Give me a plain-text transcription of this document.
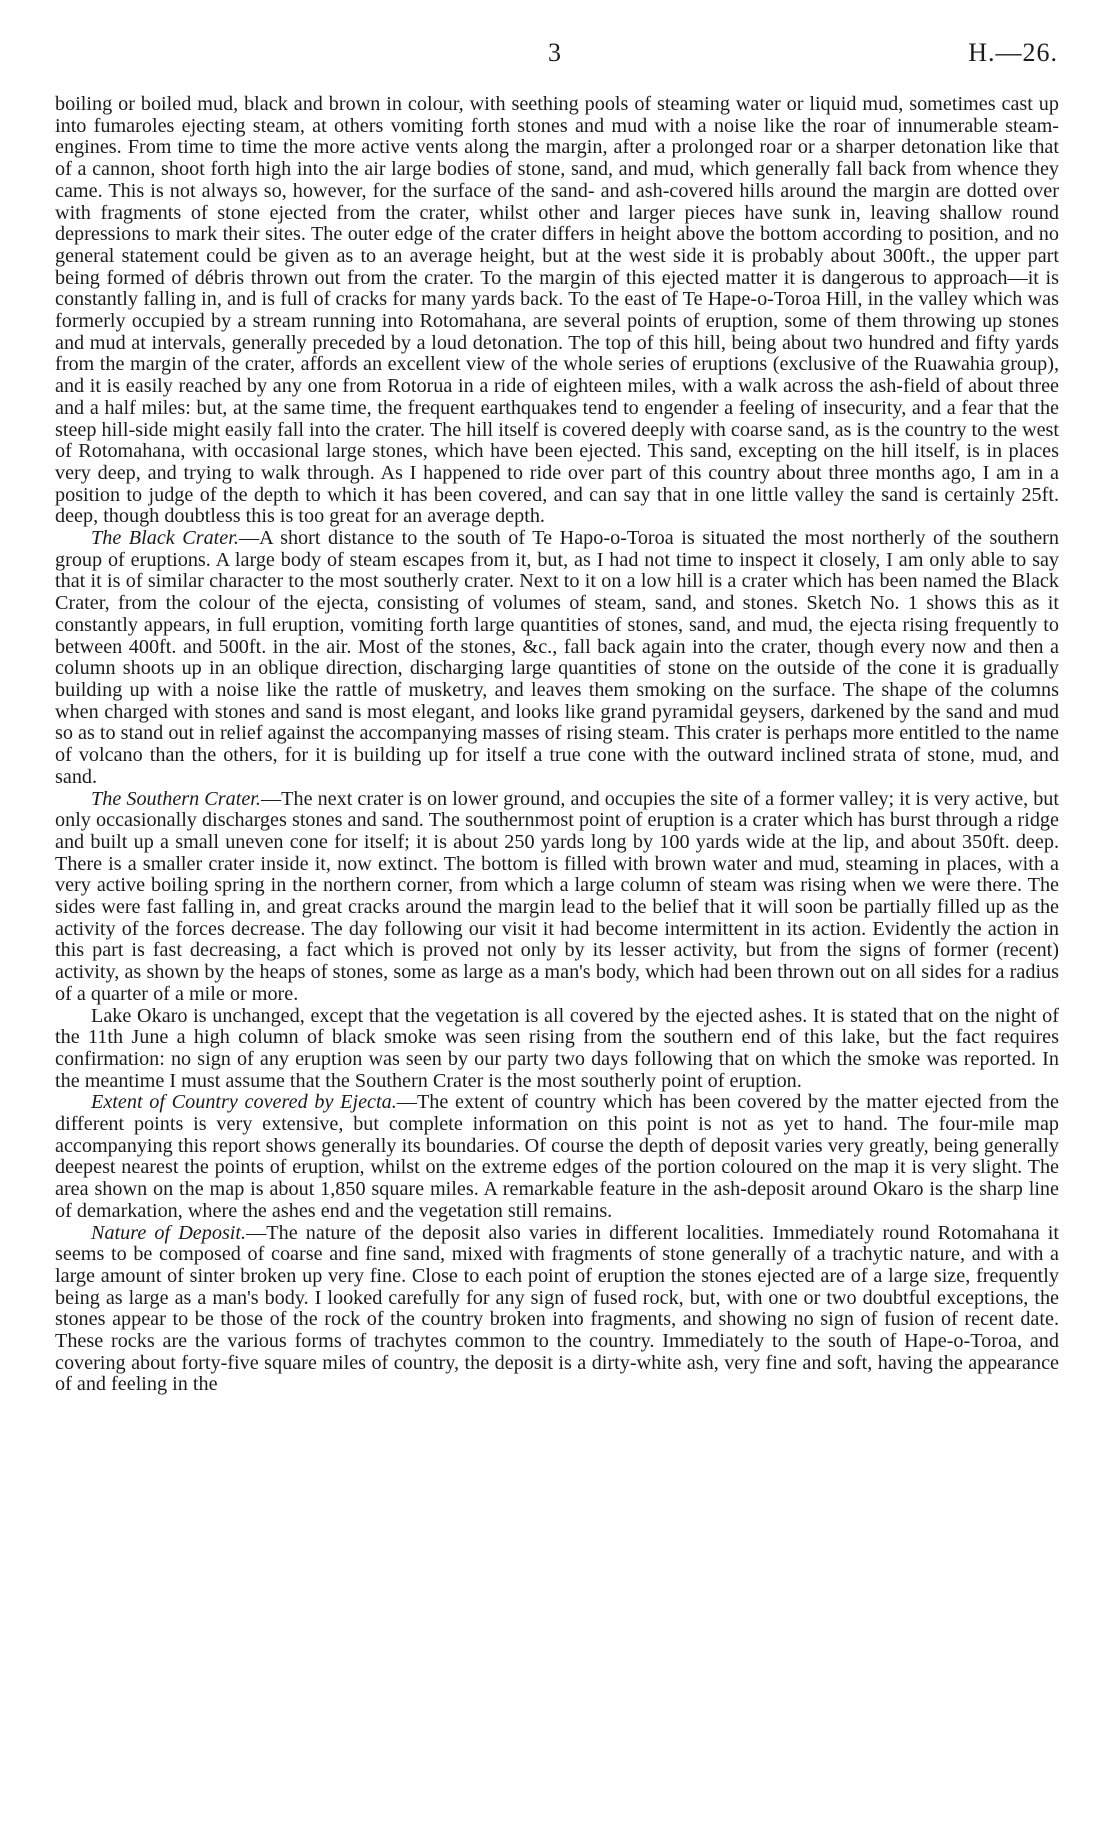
3	H.—26.

boiling or boiled mud, black and brown in colour, with seething pools of steaming water or liquid mud, sometimes cast up into fumaroles ejecting steam, at others vomiting forth stones and mud with a noise like the roar of innumerable steam-engines. From time to time the more active vents along the margin, after a prolonged roar or a sharper detonation like that of a cannon, shoot forth high into the air large bodies of stone, sand, and mud, which generally fall back from whence they came. This is not always so, however, for the surface of the sand- and ash-covered hills around the margin are dotted over with fragments of stone ejected from the crater, whilst other and larger pieces have sunk in, leaving shallow round depressions to mark their sites. The outer edge of the crater differs in height above the bottom according to position, and no general statement could be given as to an average height, but at the west side it is probably about 300ft., the upper part being formed of débris thrown out from the crater. To the margin of this ejected matter it is dangerous to approach—it is constantly falling in, and is full of cracks for many yards back. To the east of Te Hape-o-Toroa Hill, in the valley which was formerly occupied by a stream running into Rotomahana, are several points of eruption, some of them throwing up stones and mud at intervals, generally preceded by a loud detonation. The top of this hill, being about two hundred and fifty yards from the margin of the crater, affords an excellent view of the whole series of eruptions (exclusive of the Ruawahia group), and it is easily reached by any one from Rotorua in a ride of eighteen miles, with a walk across the ash-field of about three and a half miles: but, at the same time, the frequent earthquakes tend to engender a feeling of insecurity, and a fear that the steep hill-side might easily fall into the crater. The hill itself is covered deeply with coarse sand, as is the country to the west of Rotomahana, with occasional large stones, which have been ejected. This sand, excepting on the hill itself, is in places very deep, and trying to walk through. As I happened to ride over part of this country about three months ago, I am in a position to judge of the depth to which it has been covered, and can say that in one little valley the sand is certainly 25ft. deep, though doubtless this is too great for an average depth.

The Black Crater.—A short distance to the south of Te Hapo-o-Toroa is situated the most northerly of the southern group of eruptions. A large body of steam escapes from it, but, as I had not time to inspect it closely, I am only able to say that it is of similar character to the most southerly crater. Next to it on a low hill is a crater which has been named the Black Crater, from the colour of the ejecta, consisting of volumes of steam, sand, and stones. Sketch No. 1 shows this as it constantly appears, in full eruption, vomiting forth large quantities of stones, sand, and mud, the ejecta rising frequently to between 400ft. and 500ft. in the air. Most of the stones, &c., fall back again into the crater, though every now and then a column shoots up in an oblique direction, discharging large quantities of stone on the outside of the cone it is gradually building up with a noise like the rattle of musketry, and leaves them smoking on the surface. The shape of the columns when charged with stones and sand is most elegant, and looks like grand pyramidal geysers, darkened by the sand and mud so as to stand out in relief against the accompanying masses of rising steam. This crater is perhaps more entitled to the name of volcano than the others, for it is building up for itself a true cone with the outward inclined strata of stone, mud, and sand.

The Southern Crater.—The next crater is on lower ground, and occupies the site of a former valley; it is very active, but only occasionally discharges stones and sand. The southernmost point of eruption is a crater which has burst through a ridge and built up a small uneven cone for itself; it is about 250 yards long by 100 yards wide at the lip, and about 350ft. deep. There is a smaller crater inside it, now extinct. The bottom is filled with brown water and mud, steaming in places, with a very active boiling spring in the northern corner, from which a large column of steam was rising when we were there. The sides were fast falling in, and great cracks around the margin lead to the belief that it will soon be partially filled up as the activity of the forces decrease. The day following our visit it had become intermittent in its action. Evidently the action in this part is fast decreasing, a fact which is proved not only by its lesser activity, but from the signs of former (recent) activity, as shown by the heaps of stones, some as large as a man's body, which had been thrown out on all sides for a radius of a quarter of a mile or more.

Lake Okaro is unchanged, except that the vegetation is all covered by the ejected ashes. It is stated that on the night of the 11th June a high column of black smoke was seen rising from the southern end of this lake, but the fact requires confirmation: no sign of any eruption was seen by our party two days following that on which the smoke was reported. In the meantime I must assume that the Southern Crater is the most southerly point of eruption.

Extent of Country covered by Ejecta.—The extent of country which has been covered by the matter ejected from the different points is very extensive, but complete information on this point is not as yet to hand. The four-mile map accompanying this report shows generally its boundaries. Of course the depth of deposit varies very greatly, being generally deepest nearest the points of eruption, whilst on the extreme edges of the portion coloured on the map it is very slight. The area shown on the map is about 1,850 square miles. A remarkable feature in the ash-deposit around Okaro is the sharp line of demarkation, where the ashes end and the vegetation still remains.

Nature of Deposit.—The nature of the deposit also varies in different localities. Immediately round Rotomahana it seems to be composed of coarse and fine sand, mixed with fragments of stone generally of a trachytic nature, and with a large amount of sinter broken up very fine. Close to each point of eruption the stones ejected are of a large size, frequently being as large as a man's body. I looked carefully for any sign of fused rock, but, with one or two doubtful exceptions, the stones appear to be those of the rock of the country broken into fragments, and showing no sign of fusion of recent date. These rocks are the various forms of trachytes common to the country. Immediately to the south of Hape-o-Toroa, and covering about forty-five square miles of country, the deposit is a dirty-white ash, very fine and soft, having the appearance of and feeling in the
